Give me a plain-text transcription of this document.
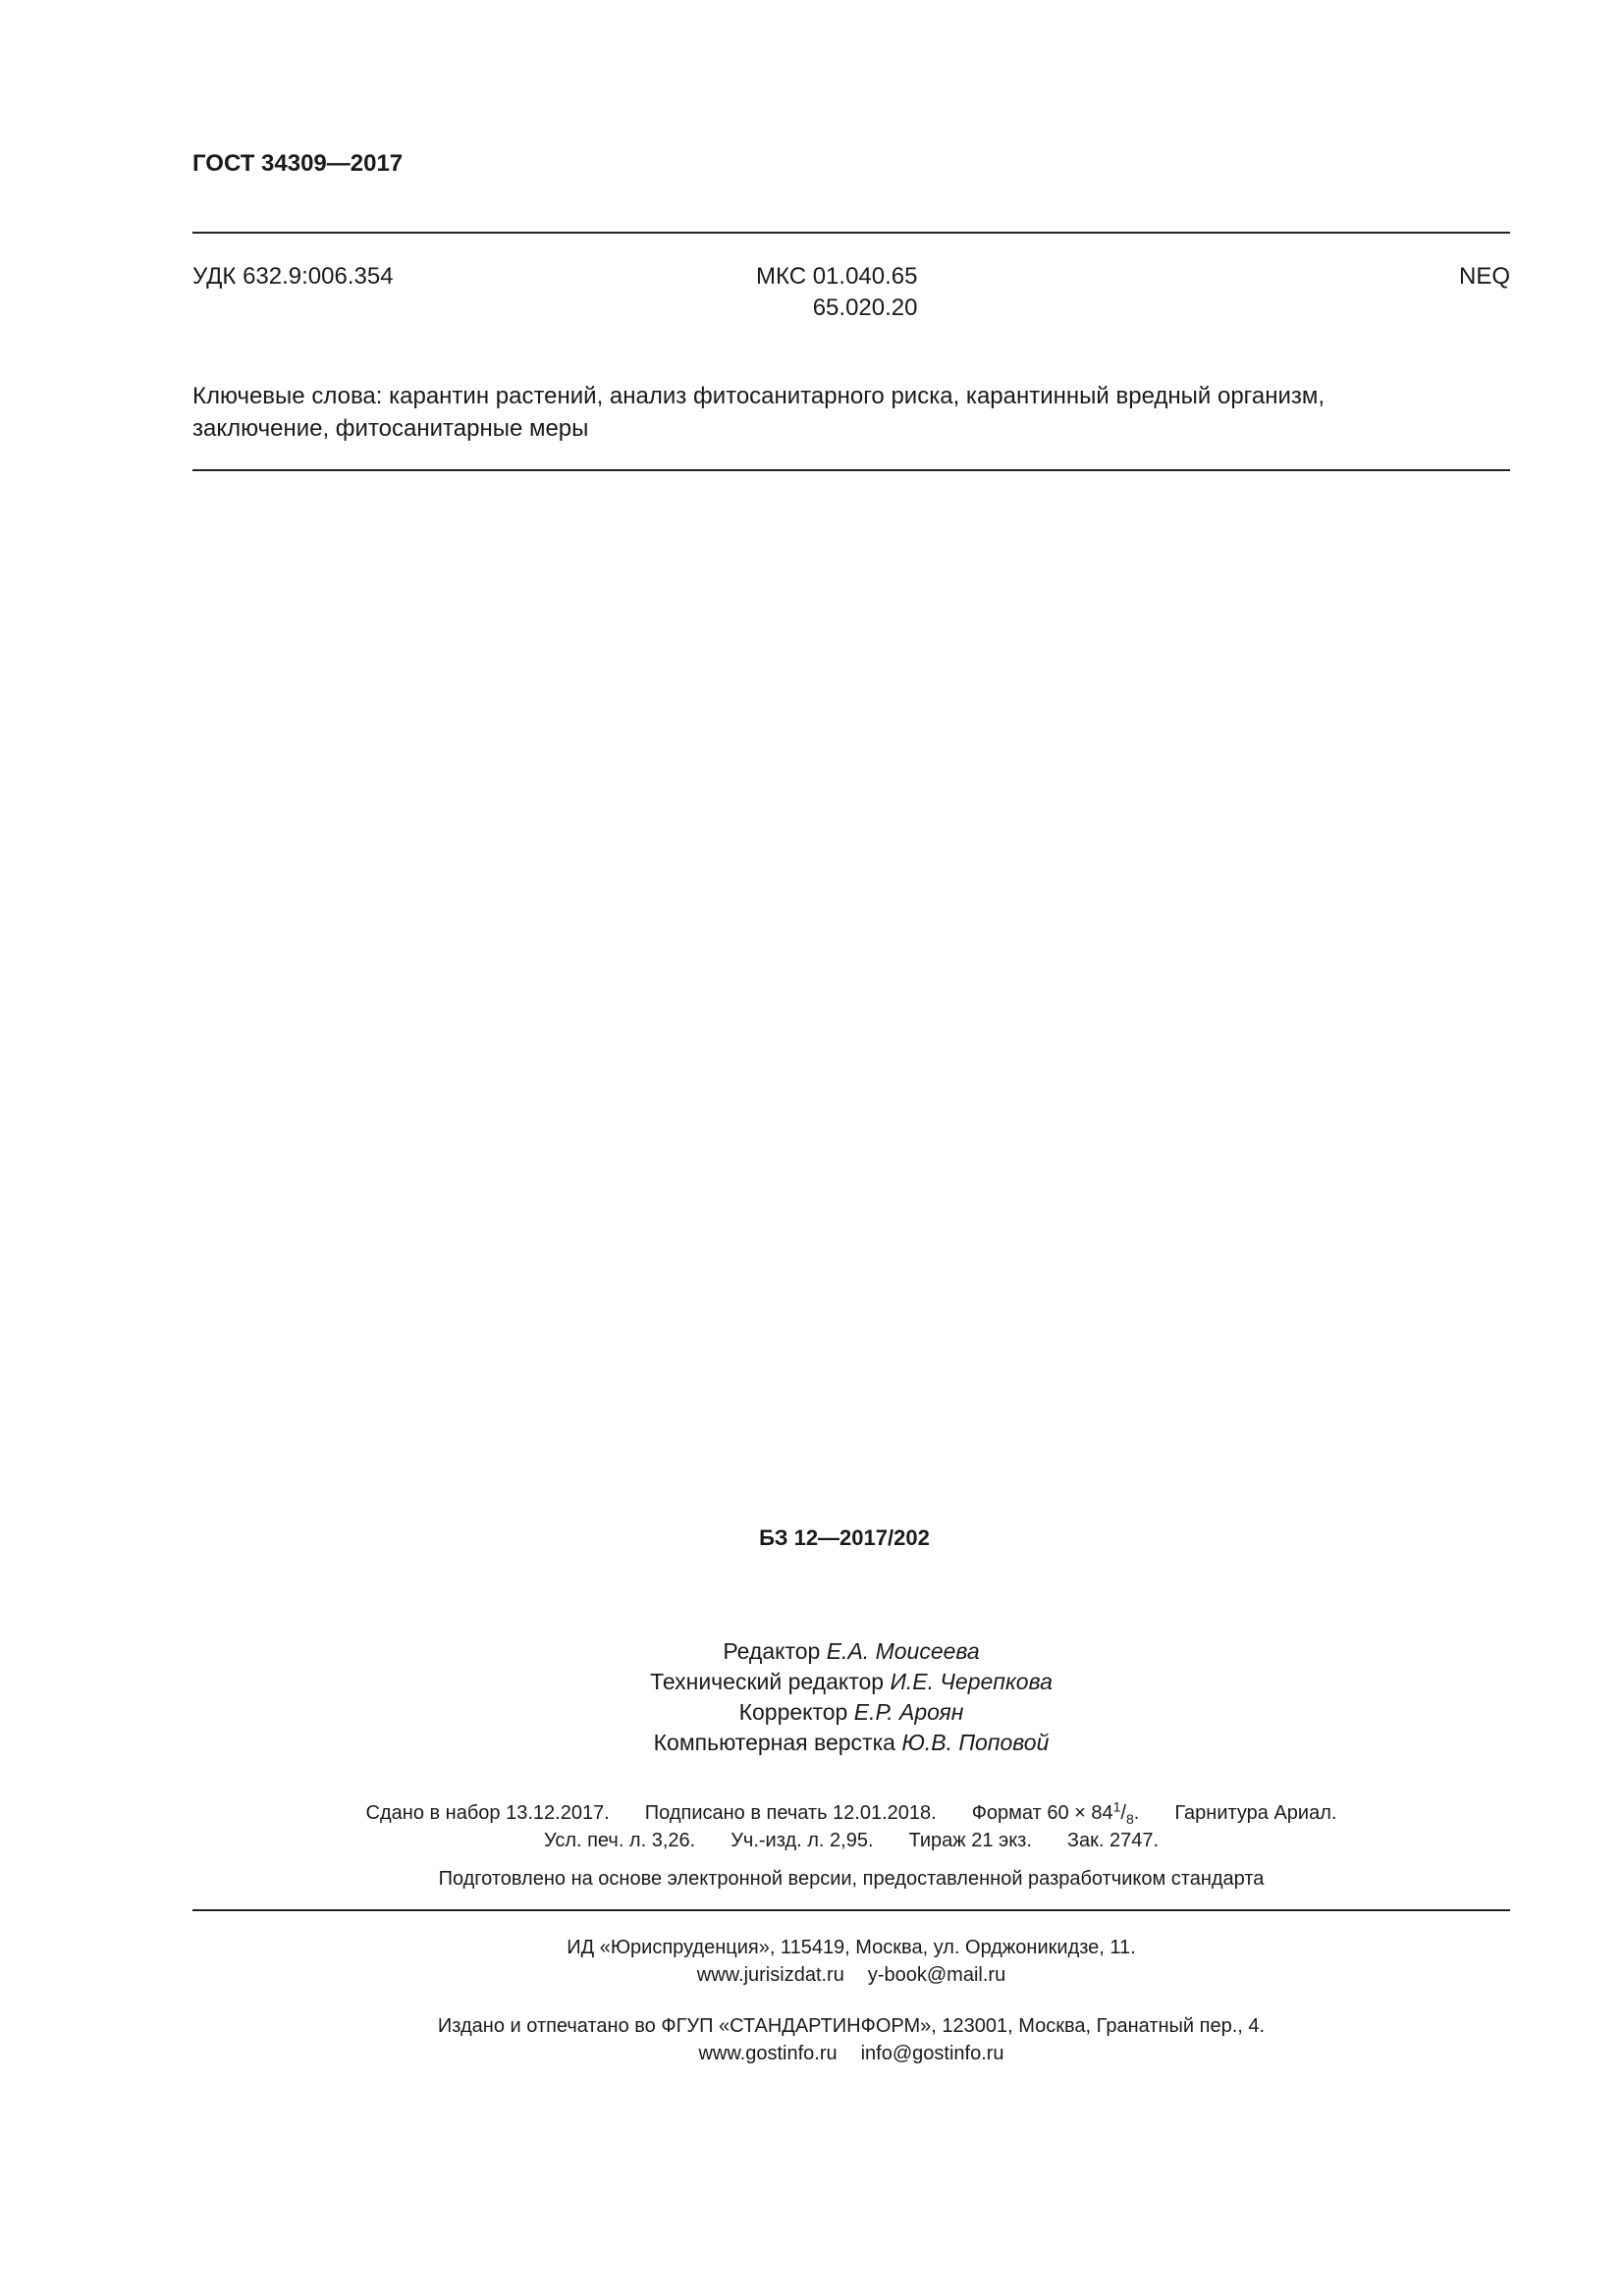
ГОСТ 34309—2017
УДК 632.9:006.354	МКС 01.040.65
65.020.20
NEQ
Ключевые слова: карантин растений, анализ фитосанитарного риска, карантинный вредный организм,
заключение, фитосанитарные меры
БЗ 12—2017/202
Редактор Е.А. Моисеева
Технический редактор И.Е. Черепкова
Корректор Е.Р. Ароян
Компьютерная верстка Ю.В. Поповой
Сдано в набор 13.12.2017. Подписано в печать 12.01.2018. Формат $60 \times 84^1/_8$. Гарнитура Ариал.
Усл. печ. л. 3,26. Уч.-изд. л. 2,95. Тираж 21 экз. Зак. 2747.
Подготовлено на основе электронной версии, предоставленной разработчиком стандарта
ИД «Юриспруденция», 115419, Москва, ул. Орджоникидзе, 11.
www.jurisizdat.ru y-book@mail.ru
Издано и отпечатано во ФГУП «СТАНДАРТИНФОРМ», 123001, Москва, Гранатный пер., 4.
www.gostinfo.ru info@gostinfo.ru
